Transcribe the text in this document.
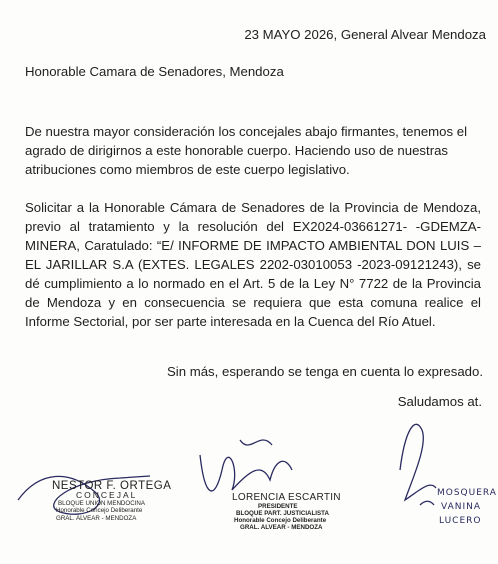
23 MAYO 2026, General Alvear Mendoza
Honorable Camara de Senadores, Mendoza
De nuestra mayor consideración los concejales abajo firmantes, tenemos el agrado de dirigirnos a este honorable cuerpo. Haciendo uso de nuestras atribuciones como miembros de este cuerpo legislativo.
Solicitar a la Honorable Cámara de Senadores de la Provincia de Mendoza, previo al tratamiento y la resolución del EX2024-03661271- -GDEMZA-MINERA, Caratulado: “E/ INFORME DE IMPACTO AMBIENTAL DON LUIS – EL JARILLAR S.A (EXTES. LEGALES 2202-03010053 -2023-09121243), se dé cumplimiento a lo normado en el Art. 5 de la Ley N° 7722 de la Provincia de Mendoza y en consecuencia se requiera que esta comuna realice el Informe Sectorial, por ser parte interesada en la Cuenca del Río Atuel.
Sin más, esperando se tenga en cuenta lo expresado.
Saludamos at.
NESTOR F. ORTEGA
CONCEJAL
BLOQUE UNION MENDOCINA
Honorable Concejo Deliberante
GRAL. ALVEAR - MENDOZA
LORENCIA ESCARTIN
PRESIDENTE
BLOQUE PART. JUSTICIALISTA
Honorable Concejo Deliberante
GRAL. ALVEAR - MENDOZA
MOSQUERA
VANINA
LUCERO
